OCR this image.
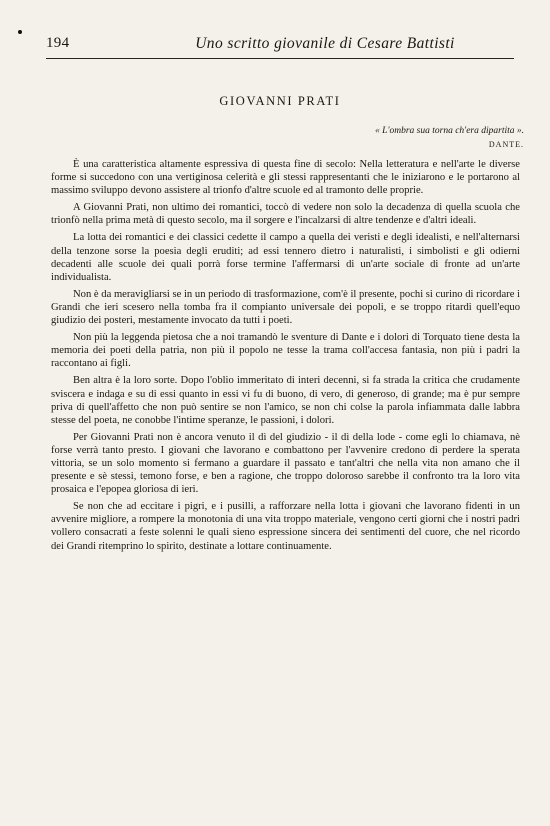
194	Uno scritto giovanile di Cesare Battisti
GIOVANNI PRATI
« L'ombra sua torna ch'era dipartita ».
DANTE.

È una caratteristica altamente espressiva di questa fine di secolo: Nella letteratura e nell'arte le diverse forme si succedono con una vertiginosa celerità e gli stessi rappresentanti che le iniziarono e le portarono al massimo sviluppo devono assistere al trionfo d'altre scuole ed al tramonto delle proprie.

A Giovanni Prati, non ultimo dei romantici, toccò di vedere non solo la decadenza di quella scuola che trionfò nella prima metà di questo secolo, ma il sorgere e l'incalzarsi di altre tendenze e d'altri ideali.

La lotta dei romantici e dei classici cedette il campo a quella dei veristi e degli idealisti, e nell'alternarsi della tenzone sorse la poesia degli eruditi; ad essi tennero dietro i naturalisti, i simbolisti e gli odierni decadenti alle scuole dei quali porrà forse termine l'affermarsi di un'arte sociale di fronte ad un'arte individualista.

Non è da meravigliarsi se in un periodo di trasformazione, com'è il presente, pochi si curino di ricordare i Grandi che ieri scesero nella tomba fra il compianto universale dei popoli, e se troppo ritardi quell'equo giudizio dei posteri, mestamente invocato da tutti i poeti.

Non più la leggenda pietosa che a noi tramandò le sventure di Dante e i dolori di Torquato tiene desta la memoria dei poeti della patria, non più il popolo ne tesse la trama coll'accesa fantasia, non più i padri la raccontano ai figli.

Ben altra è la loro sorte. Dopo l'oblio immeritato di interi decenni, si fa strada la critica che crudamente sviscera e indaga e su di essi quanto in essi vi fu di buono, di vero, di generoso, di grande; ma è pur sempre priva di quell'affetto che non può sentire se non l'amico, se non chi colse la parola infiammata dalle labbra stesse del poeta, ne conobbe l'intime speranze, le passioni, i dolori.

Per Giovanni Prati non è ancora venuto il dì del giudizio - il dì della lode - come egli lo chiamava, nè forse verrà tanto presto. I giovani che lavorano e combattono per l'avvenire credono di perdere la sperata vittoria, se un solo momento si fermano a guardare il passato e tant'altri che nella vita non amano che il presente e sè stessi, temono forse, e ben a ragione, che troppo doloroso sarebbe il confronto tra la loro vita prosaica e l'epopea gloriosa di ieri.

Se non che ad eccitare i pigri, e i pusilli, a rafforzare nella lotta i giovani che lavorano fidenti in un avvenire migliore, a rompere la monotonia di una vita troppo materiale, vengono certi giorni che i nostri padri vollero consacrati a feste solenni le quali sieno espressione sincera dei sentimenti del cuore, che nel ricordo dei Grandi ritemprino lo spirito, destinate a lottare continuamente.
